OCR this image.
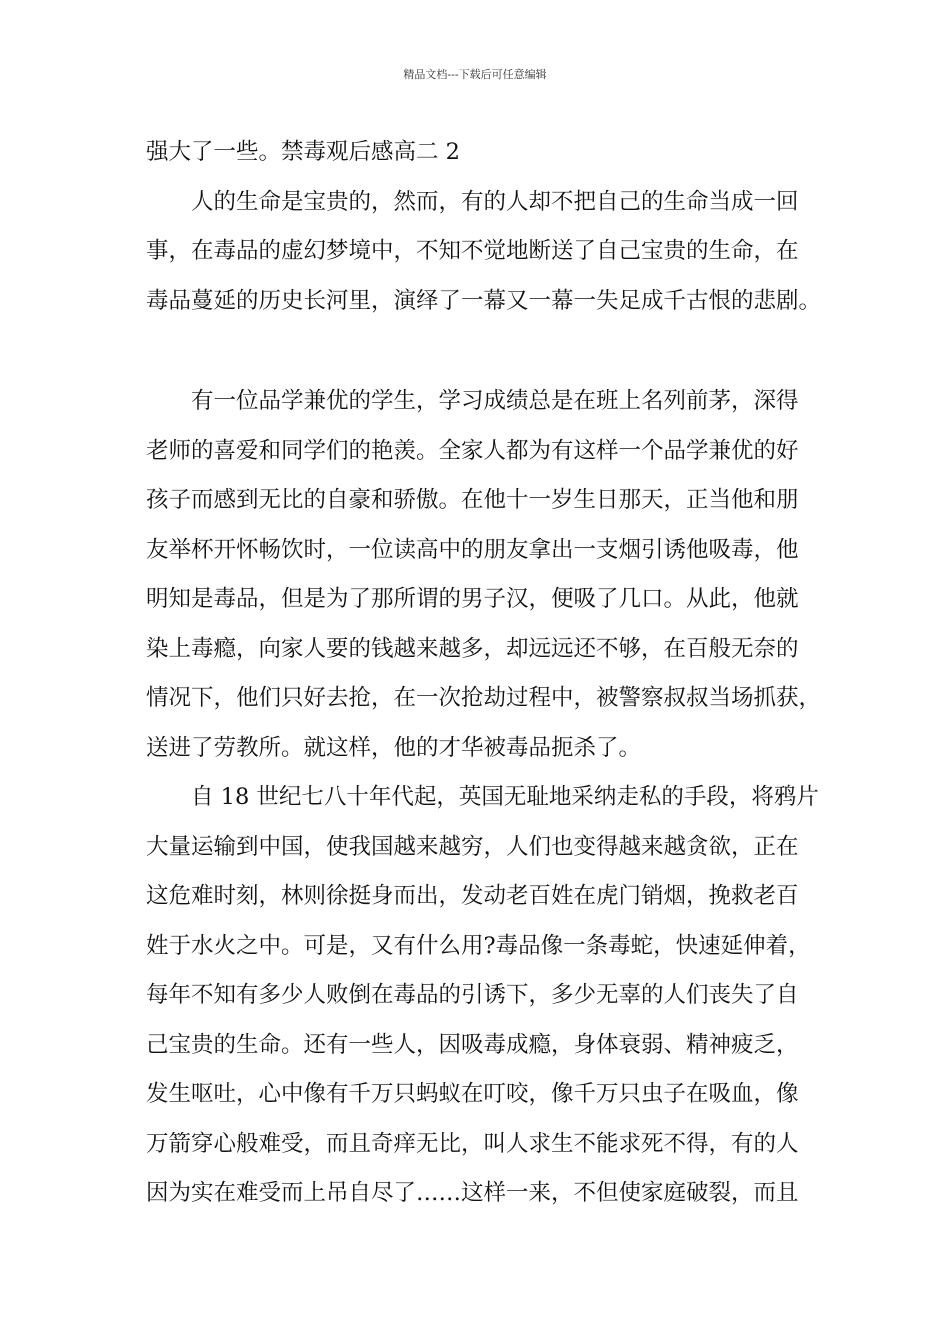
精品文档---下载后可任意编辑
强大了一些。禁毒观后感高二 2
人的生命是宝贵的，然而，有的人却不把自己的生命当成一回
事，在毒品的虚幻梦境中，不知不觉地断送了自己宝贵的生命，在
毒品蔓延的历史长河里，演绎了一幕又一幕一失足成千古恨的悲剧。
有一位品学兼优的学生，学习成绩总是在班上名列前茅，深得
老师的喜爱和同学们的艳羡。全家人都为有这样一个品学兼优的好
孩子而感到无比的自豪和骄傲。在他十一岁生日那天，正当他和朋
友举杯开怀畅饮时，一位读高中的朋友拿出一支烟引诱他吸毒，他
明知是毒品，但是为了那所谓的男子汉，便吸了几口。从此，他就
染上毒瘾，向家人要的钱越来越多，却远远还不够，在百般无奈的
情况下，他们只好去抢，在一次抢劫过程中，被警察叔叔当场抓获，
送进了劳教所。就这样，他的才华被毒品扼杀了。
自 18 世纪七八十年代起，英国无耻地采纳走私的手段，将鸦片
大量运输到中国，使我国越来越穷，人们也变得越来越贪欲，正在
这危难时刻，林则徐挺身而出，发动老百姓在虎门销烟，挽救老百
姓于水火之中。可是，又有什么用?毒品像一条毒蛇，快速延伸着，
每年不知有多少人败倒在毒品的引诱下，多少无辜的人们丧失了自
己宝贵的生命。还有一些人，因吸毒成瘾，身体衰弱、精神疲乏，
发生呕吐，心中像有千万只蚂蚁在叮咬，像千万只虫子在吸血，像
万箭穿心般难受，而且奇痒无比，叫人求生不能求死不得，有的人
因为实在难受而上吊自尽了……这样一来，不但使家庭破裂，而且
